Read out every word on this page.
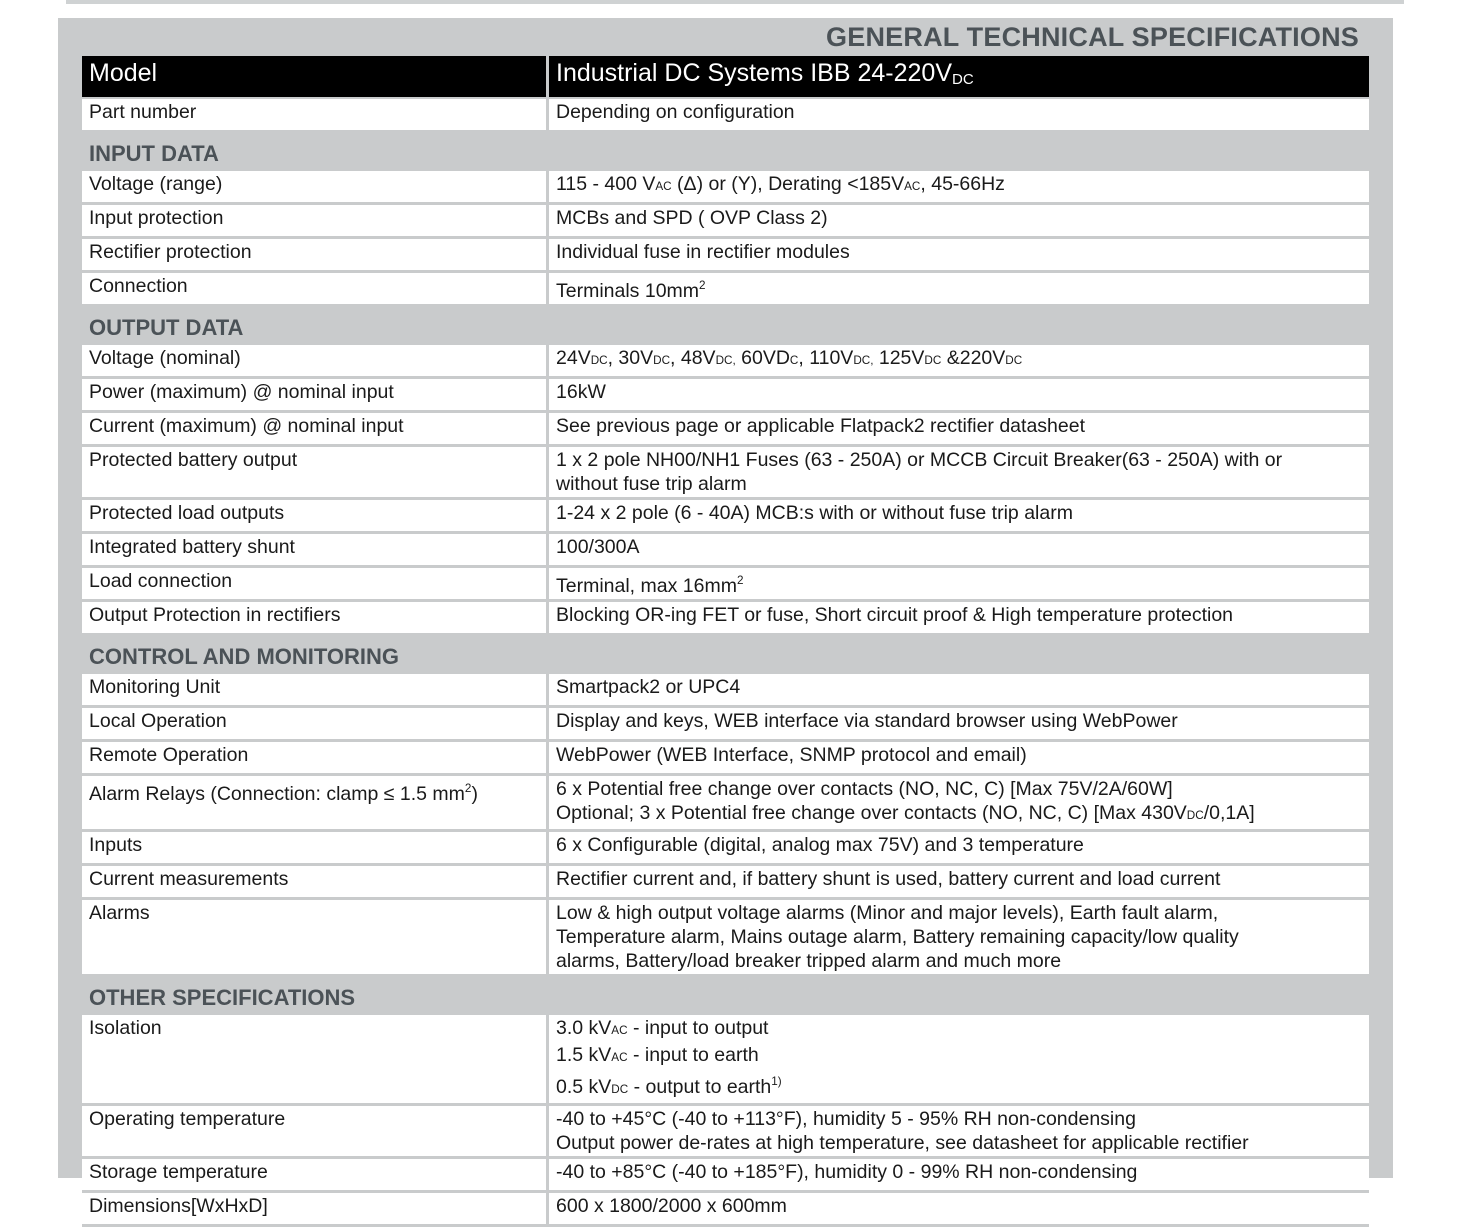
GENERAL TECHNICAL SPECIFICATIONS
Model	Industrial DC Systems IBB $24-220V_{DC}$
Part number	Depending on configuration
INPUT DATA	
Voltage (range)	115 - 400 VAC (Δ) or (Y), Derating <185VAC, 45-66Hz
Input protection	MCBs and SPD ( OVP Class 2)
Rectifier protection	Individual fuse in rectifier modules
Connection	Terminals $10mm^2$
OUTPUT DATA	
Voltage (nominal)	24VDC, 30VDC, 48VDC, 60VDC, 110VDC, 125VDC &220VDC
Power (maximum) @ nominal input	16kW
Current (maximum) @ nominal input	See previous page or applicable Flatpack2 rectifier datasheet
Protected battery output	1 x 2 pole NH00/NH1 Fuses (63 - 250A) or MCCB Circuit Breaker(63 - 250A) with or
without fuse trip alarm

Protected load outputs	1-24 x 2 pole (6 - 40A) MCB:s with or without fuse trip alarm
Integrated battery shunt	100/300A
Load connection	Terminal, $\max 16mm^2$
Output Protection in rectifiers	Blocking OR-ing FET or fuse, Short circuit proof & High temperature protection
CONTROL AND MONITORING	
Monitoring Unit	Smartpack2 or UPC4
Local Operation	Display and keys, WEB interface via standard browser using WebPower
Remote Operation	WebPower (WEB Interface, SNMP protocol and email)
Alarm Relays (Connection: clamp ≤ 1.5 $mm^2$)	6 x Potential free change over contacts (NO, NC, C) [Max 75V/2A/60W]
Optional; 3 x Potential free change over contacts (NO, NC, C) [Max 430VDC/0,1A]

Inputs	6 x Configurable (digital, analog max 75V) and 3 temperature
Current measurements	Rectifier current and, if battery shunt is used, battery current and load current
Alarms	Low & high output voltage alarms (Minor and major levels), Earth fault alarm,
Temperature alarm, Mains outage alarm, Battery remaining capacity/low quality
alarms, Battery/load breaker tripped alarm and much more

OTHER SPECIFICATIONS	
Isolation	3.0 kVAC - input to output
1.5 kVAC - input to earth
0.5 kVDC - output to earth$^{1)}$

Operating temperature	-40 to +45°C (-40 to +113°F), humidity 5 - 95% RH non-condensing
Output power de-rates at high temperature, see datasheet for applicable rectifier

Storage temperature	-40 to +85°C (-40 to +185°F), humidity 0 - 99% RH non-condensing
Dimensions[WxHxD]	600 x 1800/2000 x 600mm
